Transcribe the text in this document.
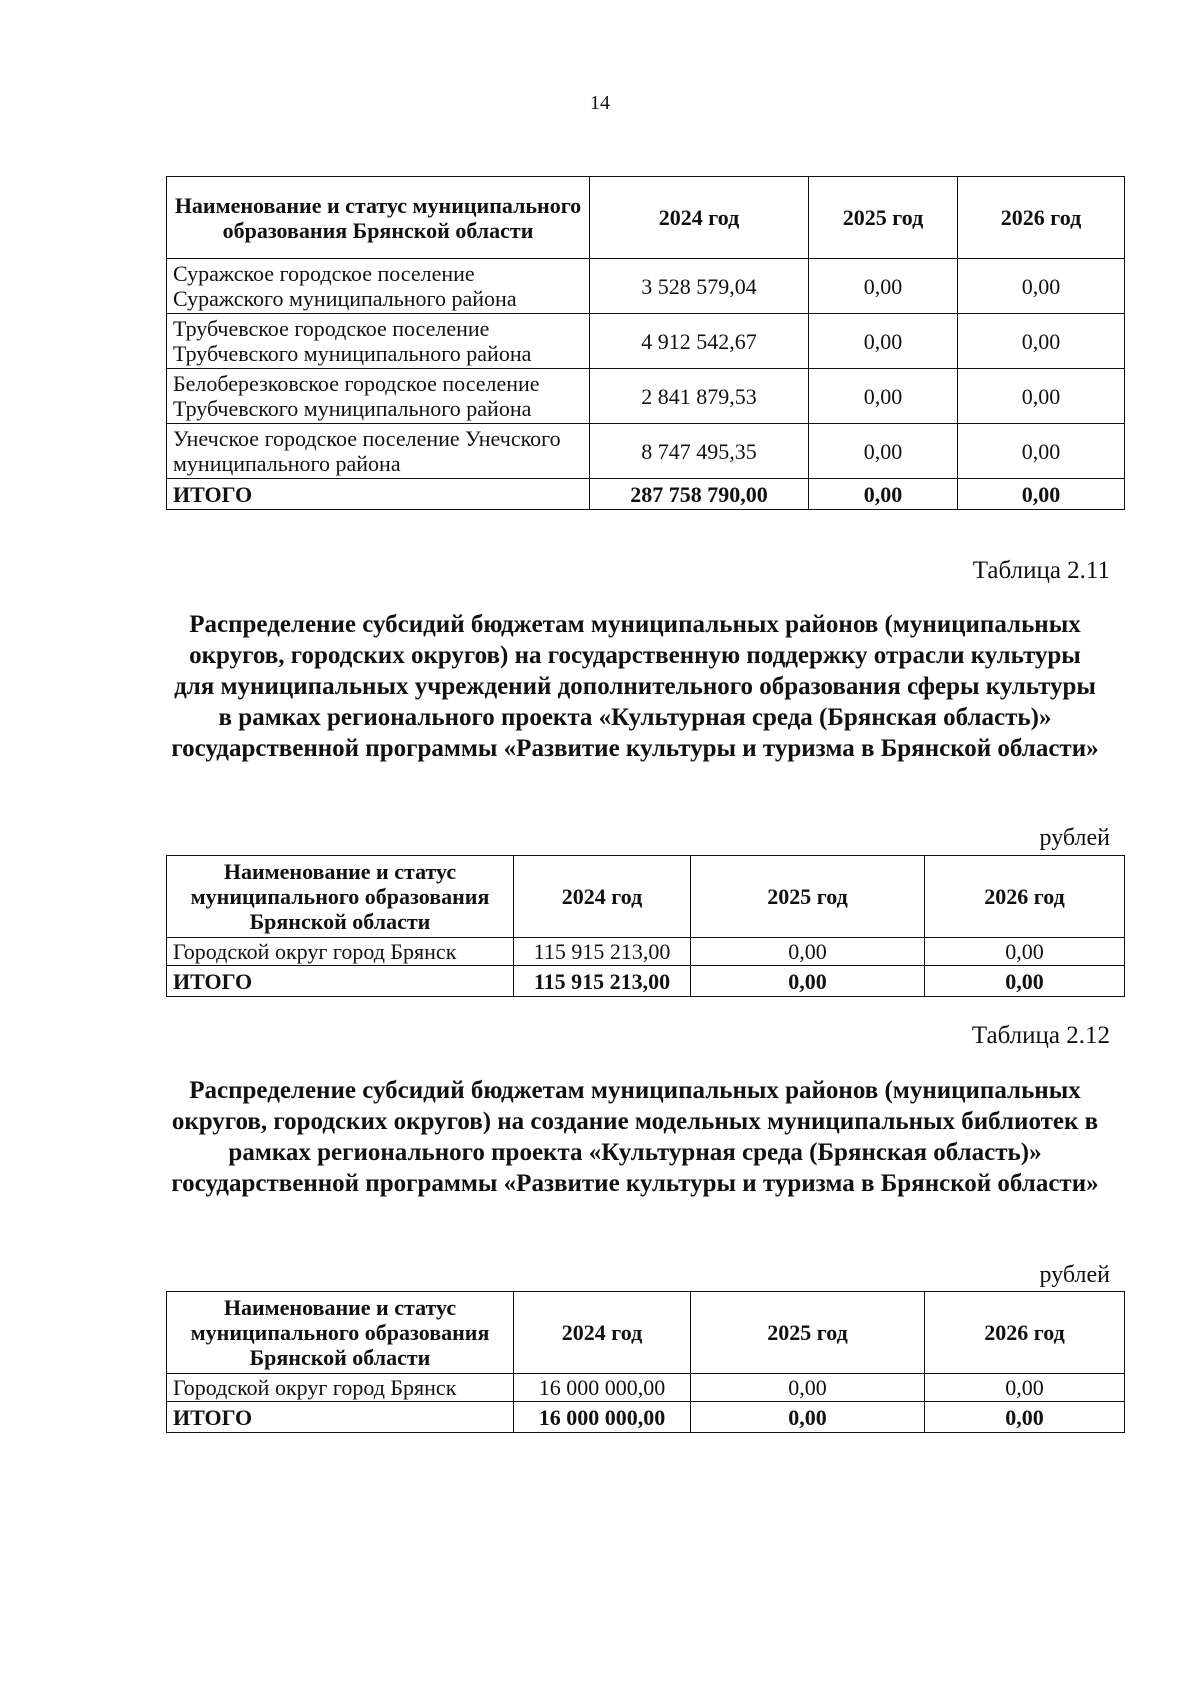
14
Наименование и статус муниципального образования Брянской области	2024 год	2025 год	2026 год
Суражское городское поселение Суражского муниципального района	3 528 579,04	0,00	0,00
Трубчевское городское поселение Трубчевского муниципального района	4 912 542,67	0,00	0,00
Белоберезковское городское поселение Трубчевского муниципального района	2 841 879,53	0,00	0,00
Унечское городское поселение Унечского муниципального района	8 747 495,35	0,00	0,00
ИТОГО	287 758 790,00	0,00	0,00
Таблица 2.11
Распределение субсидий бюджетам муниципальных районов (муниципальных округов, городских округов) на государственную поддержку отрасли культуры для муниципальных учреждений дополнительного образования сферы культуры в рамках регионального проекта «Культурная среда (Брянская область)» государственной программы «Развитие культуры и туризма в Брянской области»
рублей
Наименование и статус муниципального образования Брянской области	2024 год	2025 год	2026 год
Городской округ город Брянск	115 915 213,00	0,00	0,00
ИТОГО	115 915 213,00	0,00	0,00
Таблица 2.12
Распределение субсидий бюджетам муниципальных районов (муниципальных округов, городских округов) на создание модельных муниципальных библиотек в рамках регионального проекта «Культурная среда (Брянская область)» государственной программы «Развитие культуры и туризма в Брянской области»
рублей
Наименование и статус муниципального образования Брянской области	2024 год	2025 год	2026 год
Городской округ город Брянск	16 000 000,00	0,00	0,00
ИТОГО	16 000 000,00	0,00	0,00
